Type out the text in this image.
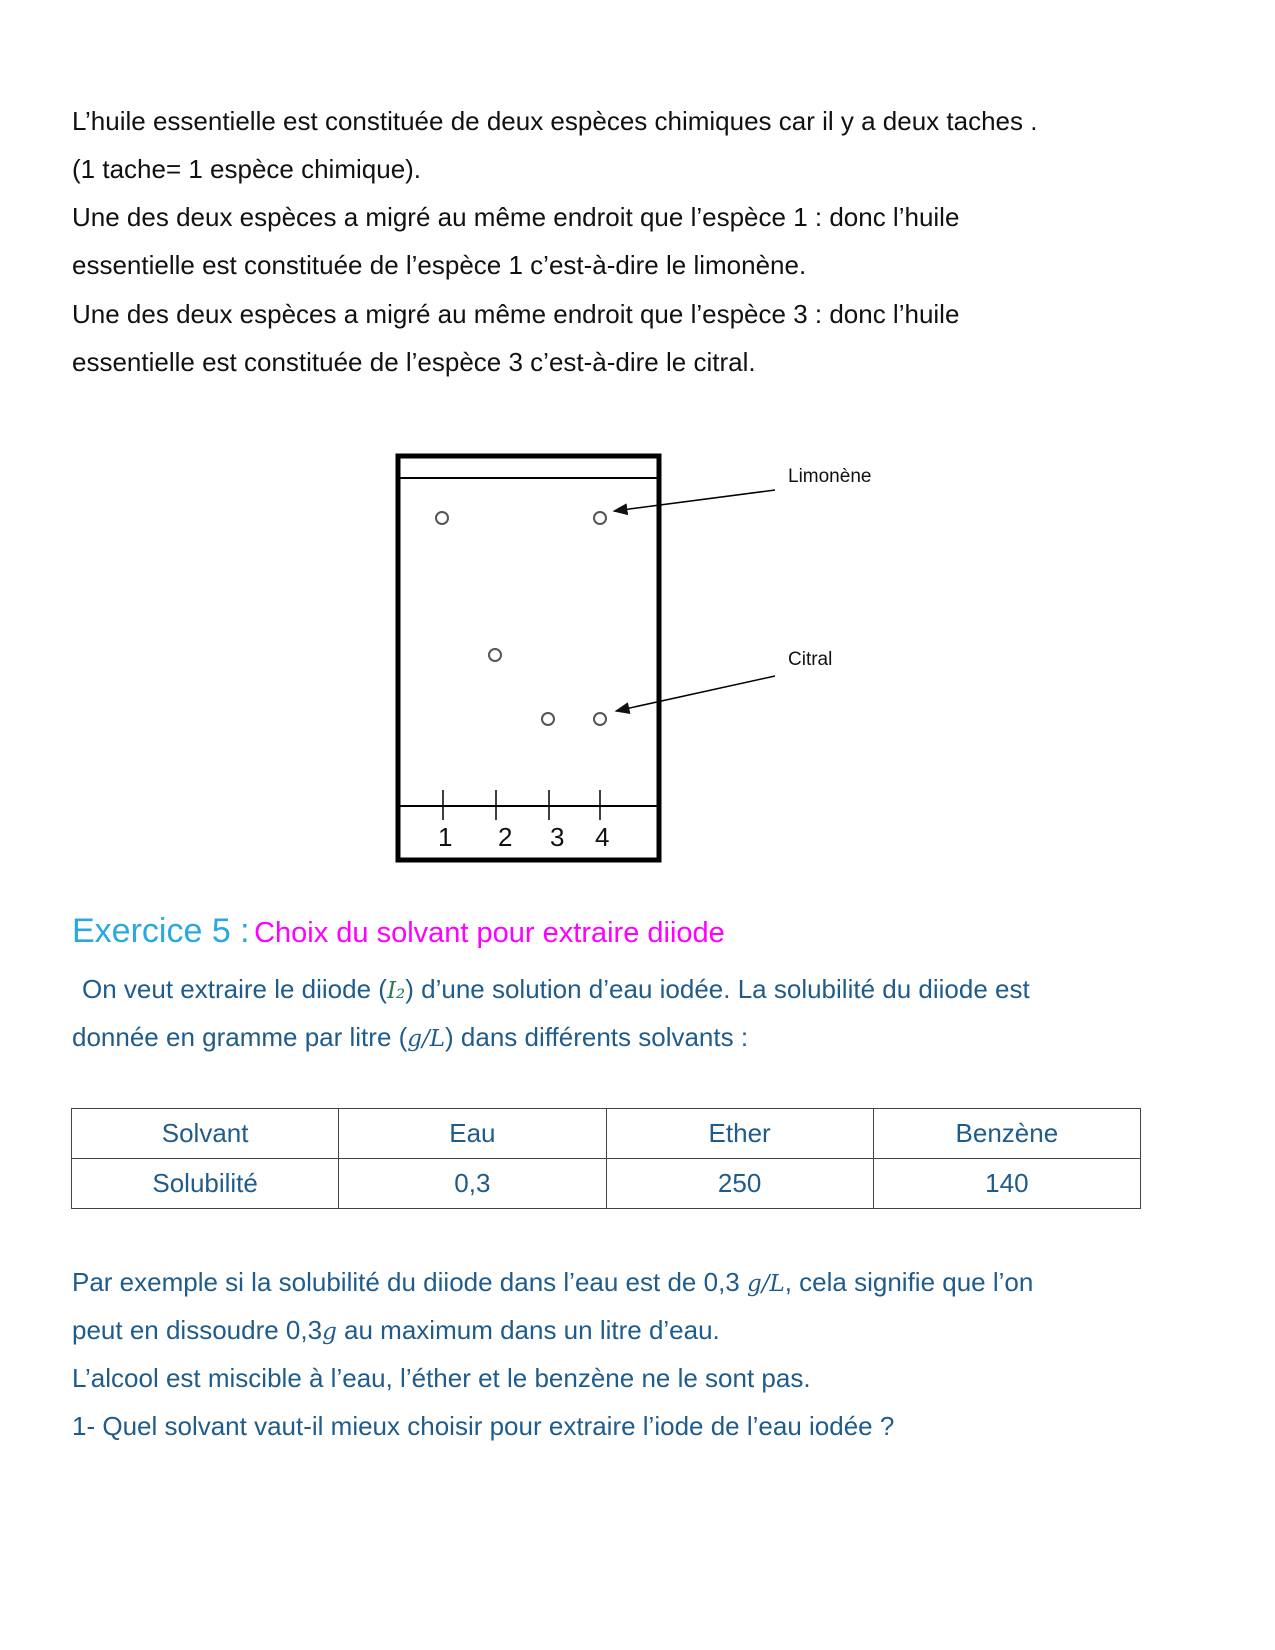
L’huile essentielle est constituée de deux espèces chimiques car il y a deux taches .
(1 tache= 1 espèce chimique).
Une des deux espèces a migré au même endroit que l’espèce 1 : donc l’huile
essentielle est constituée de l’espèce 1 c’est-à-dire le limonène.
Une des deux espèces a migré au même endroit que l’espèce 3 : donc l’huile
essentielle est constituée de l’espèce 3 c’est-à-dire le citral.
1 2 3 4
Limonène
Citral
Exercice 5 : Choix du solvant pour extraire diiode
On veut extraire le diiode (I₂) d’une solution d’eau iodée. La solubilité du diiode est
donnée en gramme par litre (g/L) dans différents solvants :
Solvant	Eau	Ether	Benzène
Solubilité	0,3	250	140
Par exemple si la solubilité du diiode dans l’eau est de 0,3 g/L, cela signifie que l’on
peut en dissoudre 0,3g au maximum dans un litre d’eau.
L’alcool est miscible à l’eau, l’éther et le benzène ne le sont pas.
1- Quel solvant vaut-il mieux choisir pour extraire l’iode de l’eau iodée ?
